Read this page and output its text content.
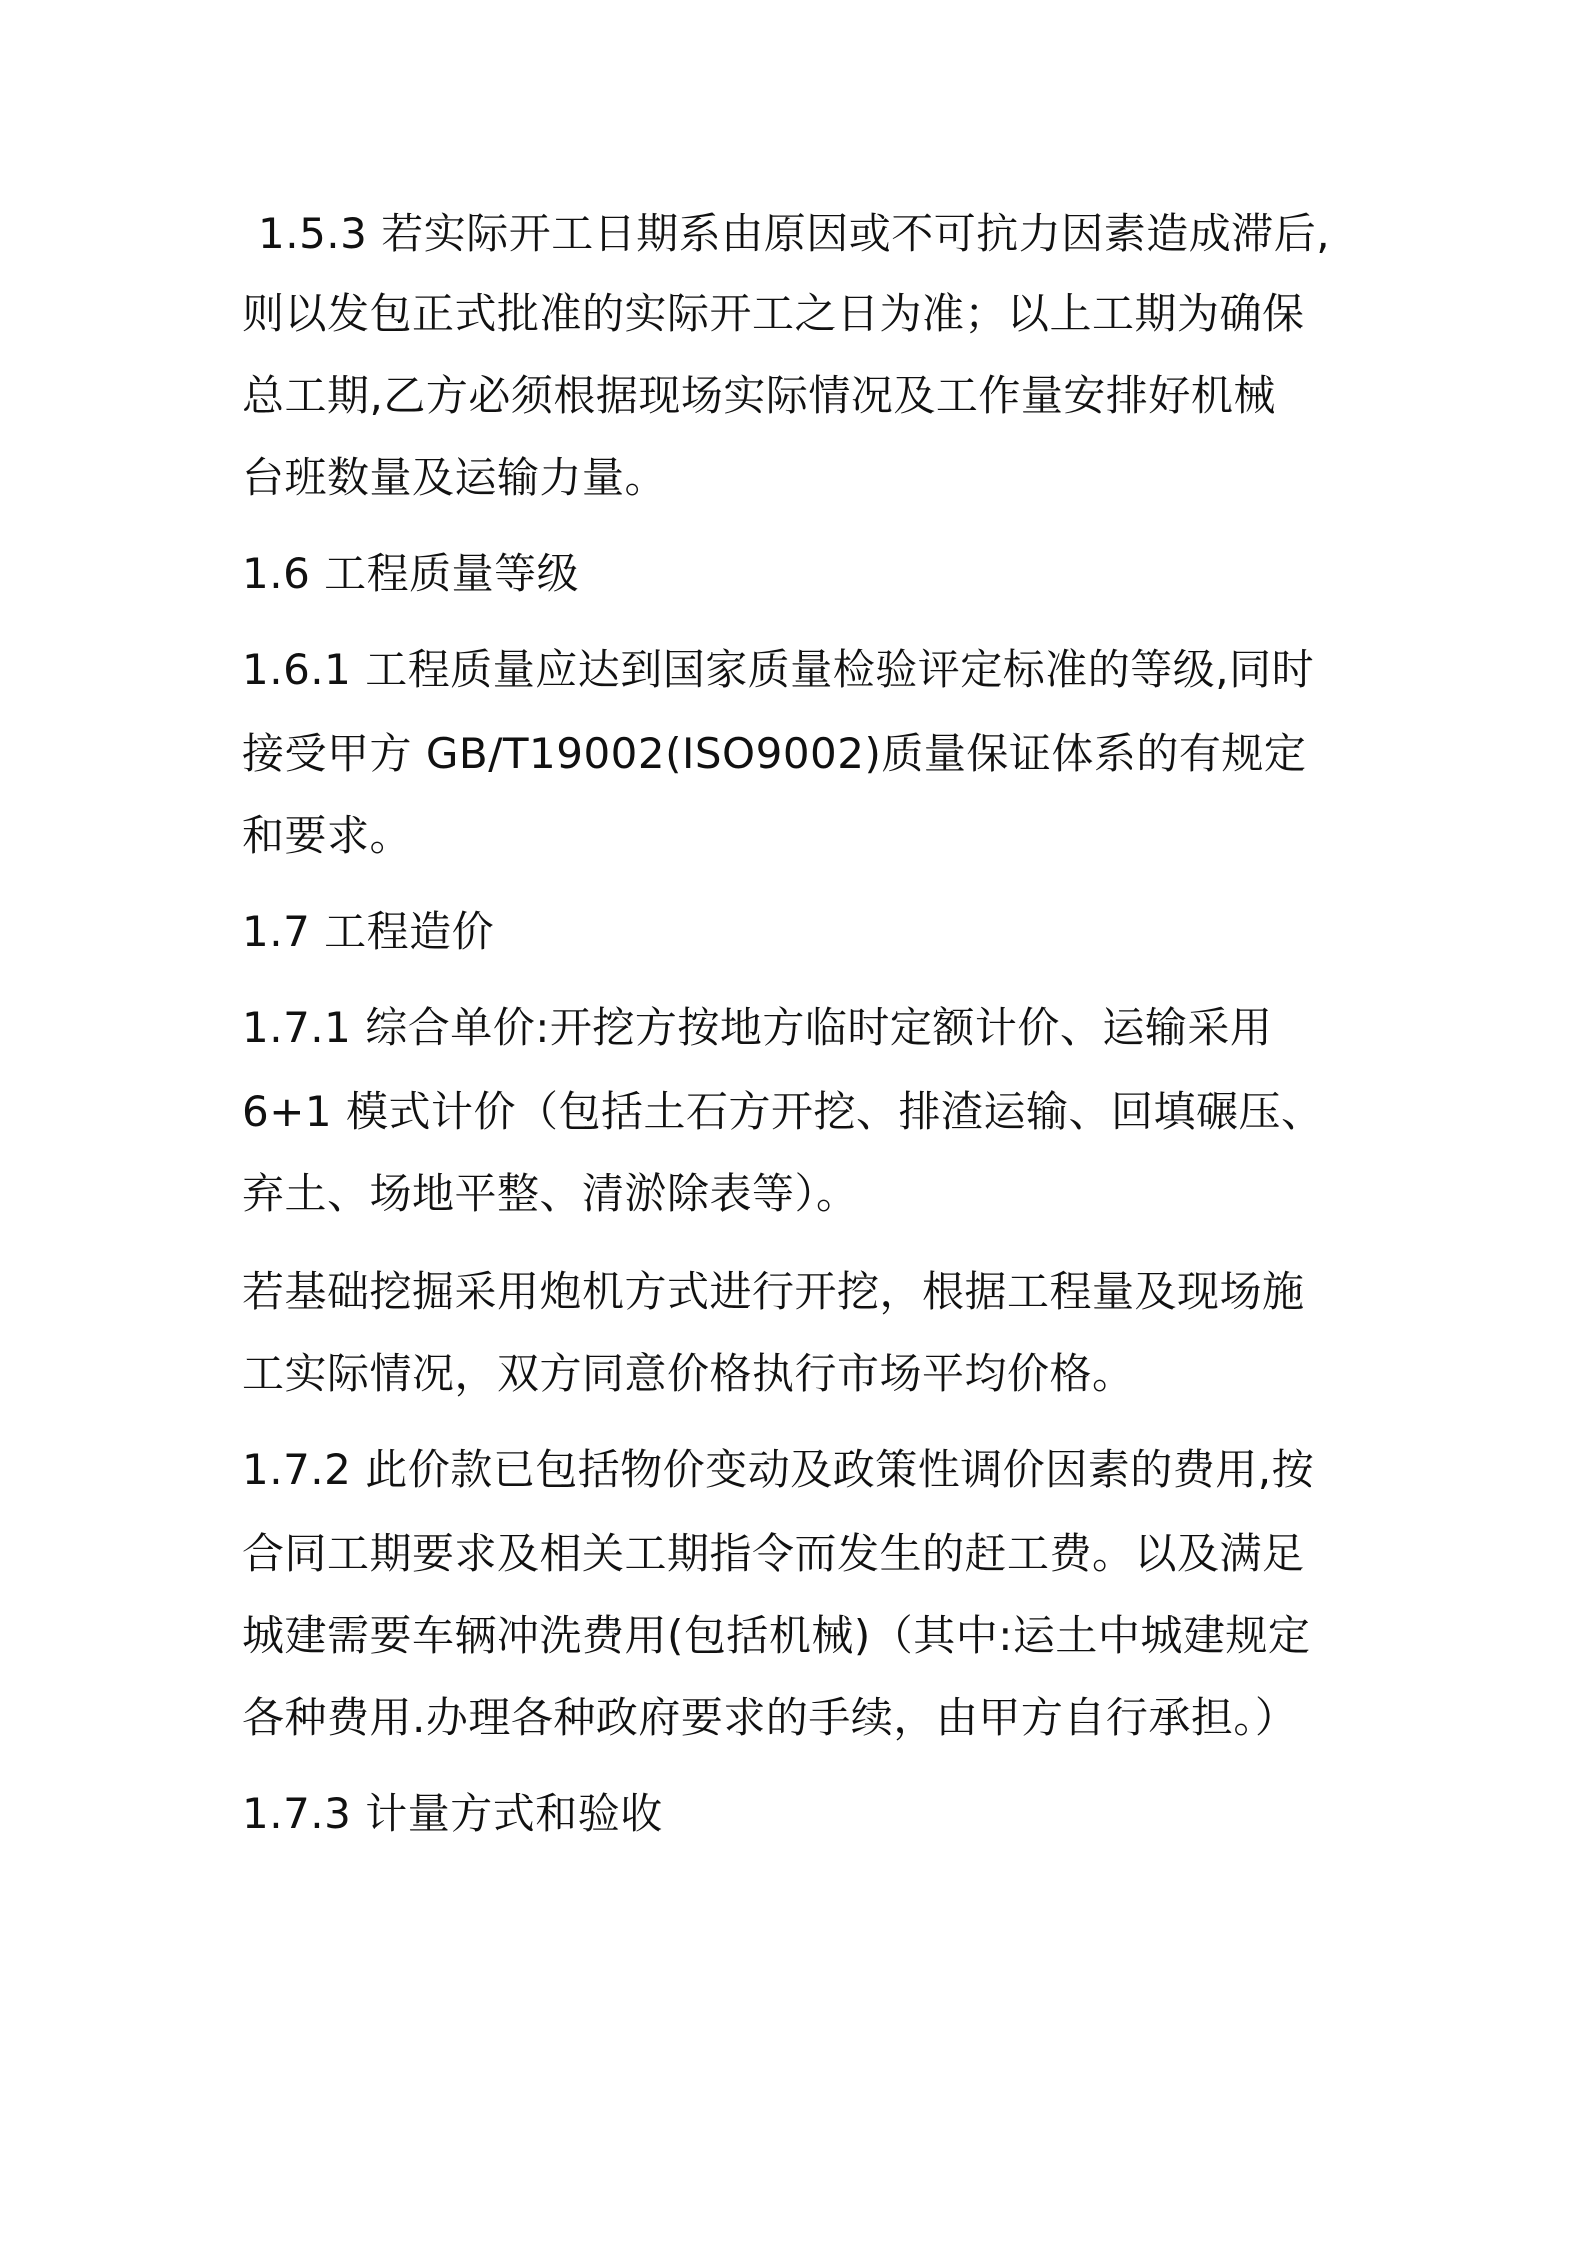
1.5.3 若实际开工日期系由原因或不可抗力因素造成滞后,
则以发包正式批准的实际开工之日为准；以上工期为确保
总工期,乙方必须根据现场实际情况及工作量安排好机械
台班数量及运输力量。
1.6 工程质量等级
1.6.1 工程质量应达到国家质量检验评定标准的等级,同时
接受甲方 GB/T19002(ISO9002)质量保证体系的有规定
和要求。
1.7 工程造价
1.7.1 综合单价:开挖方按地方临时定额计价、运输采用
6+1 模式计价（包括土石方开挖、排渣运输、回填碾压、
弃土、场地平整、清淤除表等）。
若基础挖掘采用炮机方式进行开挖，根据工程量及现场施
工实际情况，双方同意价格执行市场平均价格。
1.7.2 此价款已包括物价变动及政策性调价因素的费用,按
合同工期要求及相关工期指令而发生的赶工费。以及满足
城建需要车辆冲洗费用(包括机械)（其中:运土中城建规定
各种费用.办理各种政府要求的手续，由甲方自行承担。）
1.7.3 计量方式和验收
